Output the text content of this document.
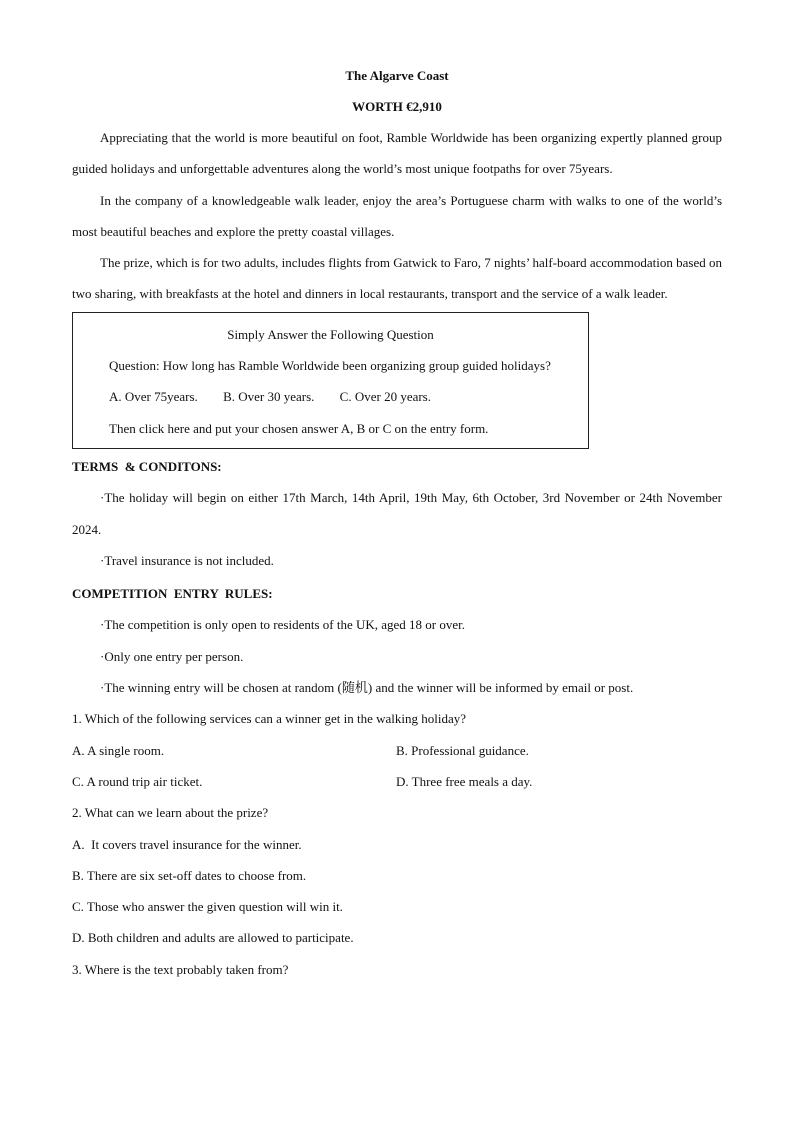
The Algarve Coast
WORTH €2,910

Appreciating that the world is more beautiful on foot, Ramble Worldwide has been organizing expertly planned group guided holidays and unforgettable adventures along the world’s most unique footpaths for over 75years.

In the company of a knowledgeable walk leader, enjoy the area’s Portuguese charm with walks to one of the world’s most beautiful beaches and explore the pretty coastal villages.

The prize, which is for two adults, includes flights from Gatwick to Faro, 7 nights’ half-board accommodation based on two sharing, with breakfasts at the hotel and dinners in local restaurants, transport and the service of a walk leader.

Simply Answer the Following Question
Question: How long has Ramble Worldwide been organizing group guided holidays?
A. Over 75years. B. Over 30 years. C. Over 20 years.
Then click here and put your chosen answer A, B or C on the entry form.
TERMS  & CONDITONS:
·The holiday will begin on either 17th March, 14th April, 19th May, 6th October, 3rd November or 24th November 2024.
·Travel insurance is not included.
COMPETITION  ENTRY  RULES:
·The competition is only open to residents of the UK, aged 18 or over.
·Only one entry per person.
·The winning entry will be chosen at random (随机) and the winner will be informed by email or post.
1. Which of the following services can a winner get in the walking holiday?
A. A single room.	B. Professional guidance.
C. A round trip air ticket.	D. Three free meals a day.
2. What can we learn about the prize?
A.  It covers travel insurance for the winner.
B. There are six set-off dates to choose from.
C. Those who answer the given question will win it.
D. Both children and adults are allowed to participate.
3. Where is the text probably taken from?
